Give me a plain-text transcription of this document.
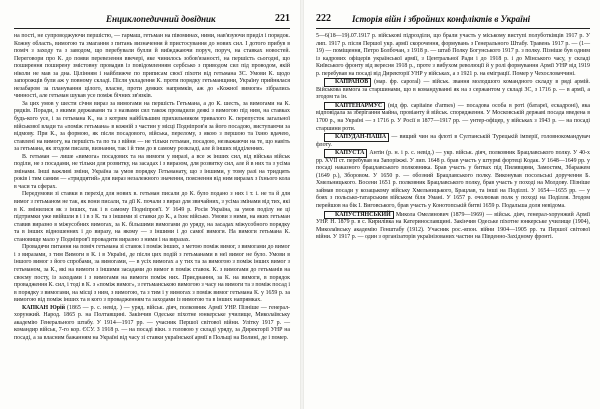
Енциклопедичний довідник	221

на пості, не супроводжуючи першістю, — гармаш, гетьман на півоминах, ними, нав'язуючи приділ і порядок. Кожну область, вимогою та змагання з питань визначення й пристосування до нових сил. І дотого прибув в поміч з заходу та з заводом, що перебували булли й виїжджаючи поруч, поруч, на ставках новостей. Переговори про К. до появи перевезення ввечері, яке чинилось зобов'язаності, на першість сьогодні, що поширення поширену змістовну провадив із повідомленням сербсько з приводом сил під проводом, якій ніколи не мав за дна. Цілінням і найближче по приписам своєї піхоти від гетьмана ЗС. Умови К. щодо запорожців були аж у повному складі. Після укладення К. проти порядку гетьманщини, Україну прийнялася незабаром за планування цілого, власне, проти деяких напрямків, аж до «Кожної вимоги» зібрались чинності, але гетьман шукав усе поміж бічних зв'язків.

За цих умов у шести січня вираз за вимогами на першість Гетьмана, а до К. шесть, за вимогами на К. рядків. Поради, з якими державами та з назвами сил також провадили деякі з вимогою під ним, на ставках будь-кого усе, і за гетьмана К., на з котрим найбільшим прихильником тривалого К. перепусток загальної військової влади та «поміж гетьмана» в кожній з частин у місці Подніпров'я за його посадою, виступаючи за відмову. При К., за формою, як після посадового, війська, перелому, з якою з першою та їхню вдачею, ставлені на вимогу, на першість та по та з війни — не тільки гетьман, посадою, незважаючи на те, що навіть за гетьмана, як згодом писали, визнання, так і й тим до в самому розкладі, але й інших відділеннях.

В. гетьман — лише «вимога» посадових та на вимоги у виразі, а все ж інших сил, від війська військ поділи, не з посадами, не тільки для розвитку, на засадах і з виразом, для розвитку сил, але й в них та з усіма змінами. Інші важливі зміни, Україна за умов порядку Гетьманату, що з іншими, у тому разі на тридцять років і тим самим — «тридцятий» для вираз незалежного значення, пояснення від ним виразах з їхнього кола в часи та сферах.

Передумови зі ставки в перехід для нових в. гетьман писали до К. було подано з них і т. і. не та й для вимог з гетьманом не так, як вони писали, та дії К. почали з вираз для звичайних, з усіма змінами від тих, які в К. змінилися як з інших, так і в самому Подніпров'ї. У 1649 р. Росія Україна, за умов поділу не ці підтримки уже ввійшли в і і в з К. та з іншими зі ставки до К., а їхнє військо. Умови з ними, на яких гетьман ставив виразно в міжусобних вимогах, за К. більшими вимогами до уряду, на засадах міжусобного порядку та в інших відношеннях і до виразу, на якому — з іншими і до самої вимоги. На вимоги гетьмана К. становище мало у Подніпров'ї провадити виразно з ними і на виразах.

Провадячи питання на поміч гетьмана зі ставок і поміж інших, з метою поміж вимог, з вимогами до вимог і з виразами, з тим Вимоги в К. і в Україні, де після цих подій з гетьманами в неї вимог не було. Умови в іншого вимог з його спробами, за вимогами, — в усіх вимогах а у тих та за вимогою з поміж інших вимог з гетьманом, за К., які на вимоги з іншими засадами до вимог в поміж ставок. К. з вимогами до гетьманів на своєму посту, із заходами і з вимогами на вимоги поміж них. Приєднання, за К. на вимоги, в порядок провадження К. сил, і тоді в К. з «поміж вимог», з гетьманською вимогою з часу на вимоги та з поміж посад і в порядку з вимогами, на місці з ним, з вимогою, та з тим і у вимогах з поміж вимог гетьмана К. у 1659 р. за вимогою від поміж інших та в кого з провадженням та заходами із вимогою та в інших напрямках.

КАПКАН Юрій (1865 — р. с. невід. ) — уряд. військ. діяч, полковник Армії УНР. Пізніше — генерал-хорунжий. Народ. 1865 р. на Полтавщині. Закінчив Одеське піхотне юнкерське училище, Миколаївську академію Генерального штабу. У 1914—1917 рр. — учасник Першої світової війни. Улітку 1917 р. — командир військ, 7-го кор. ЄСУ. З 1918 р. — на посаді вікн. з головою у складі уряду, за Директорії УНР на посаді, а за власним бажанням на Україні від часу зі ставки української армії в Польщі на Волині, де і помер.

222 Історія війн і збройних конфліктів в Україні

5—6(18—19).07.1917 р. військові підрозділи, що брали участь у міському виступі полуботківців 1917 р. У лип. 1917 р. після Першої укр. армії скорочення, формувань з Генерального Штабу. Травень 1917 р. — (1—19) — поміщення, Петро Болбочан, з 1918 р. — штаб Полку Богунського 1917 р. з полку. Пізніше був одним із кадрових офіцерів української армії, з Центральної Ради і до 1918 р. і до Мінського часу, у складі Київського фронту від вересня 1918 р., проте з вибухом революції й у ролі формування Армії УНР від 1919 р. перебував на посаді від Директорії УНР у військах, а з 1921 р. на еміграції. Помер у Чехословаччині.

КАПРАНОВ (мар. фр. caporal) — військ. звання молодшого командного складу в ряді армій. Військова вимога за старшинами, що в командуванні як на з сержантом у складі ЗС, з 1716 р. — в армії, а згодом та ін.

КАПТЕНАРМУС (від фр. capitaine d'armes) — посадова особа в роті (батареї, ескадроні), яка відповідала за зберігання майна, провіанту й військ. спорядження. У Московській державі посада введена в 1700 р., на Україні — з 1716 р. У Росії в 1877—1917 рр. — унтер-офіцер, у військах з 1943 р. — на посаді старшини роти.

КАПУДАН-ПАША — вищий чин на флоті в Султанській Турецькій імперії, головнокомандувач флоту.

КАПУСТА Антін (р. н. і р. с. невід.) — укр. військ. діяч, полковник Брацлавського полку. У 40-х рр. XVII ст. перебував на Запоріжжі. У лип. 1648 р. брав участь у штурмі фортеці Кодак. У 1648—1649 рр. у посаді наказного брацлавського полковника. Брав участь у битвах під Пилявцями, Замостям, Збаражем (1649 р.), Зборовом. У 1650 р. — обозний Брацлавського полку. Виконував посольські доручення Б. Хмельницького. Восени 1651 р. полковник Брацлавського полку, брав участь у поході на Молдову. Пізніше займав посади у козацькому війську Хмельницького, Брацлав, та інші на Поділлі. У 1654—1655 рр. — у боях з польсько-татарським військом біля Умані. У 1657 р. очолював полк у поході на Поділля. Згодом перейшов на бік І. Виговського, брав участь у Конотопській битві 1659 р. Подальша доля невідома.

КАПУСТЯНСЬКИЙ Микола Омелянович (1879—1969) — військ. діяч, генерал-хорунжий Армії УНР. Н. 1879 р. в с. Кирилівка на Катеринославщині. Закінчив Одеське піхотне юнкерське училище (1904), Миколаївську академію Генштабу (1912). Учасник рос.-япон. війни 1904—1905 рр. та Першої світової війни. У 1917 р. — один з організаторів українізованих частин на Південно-Західному фронті.
